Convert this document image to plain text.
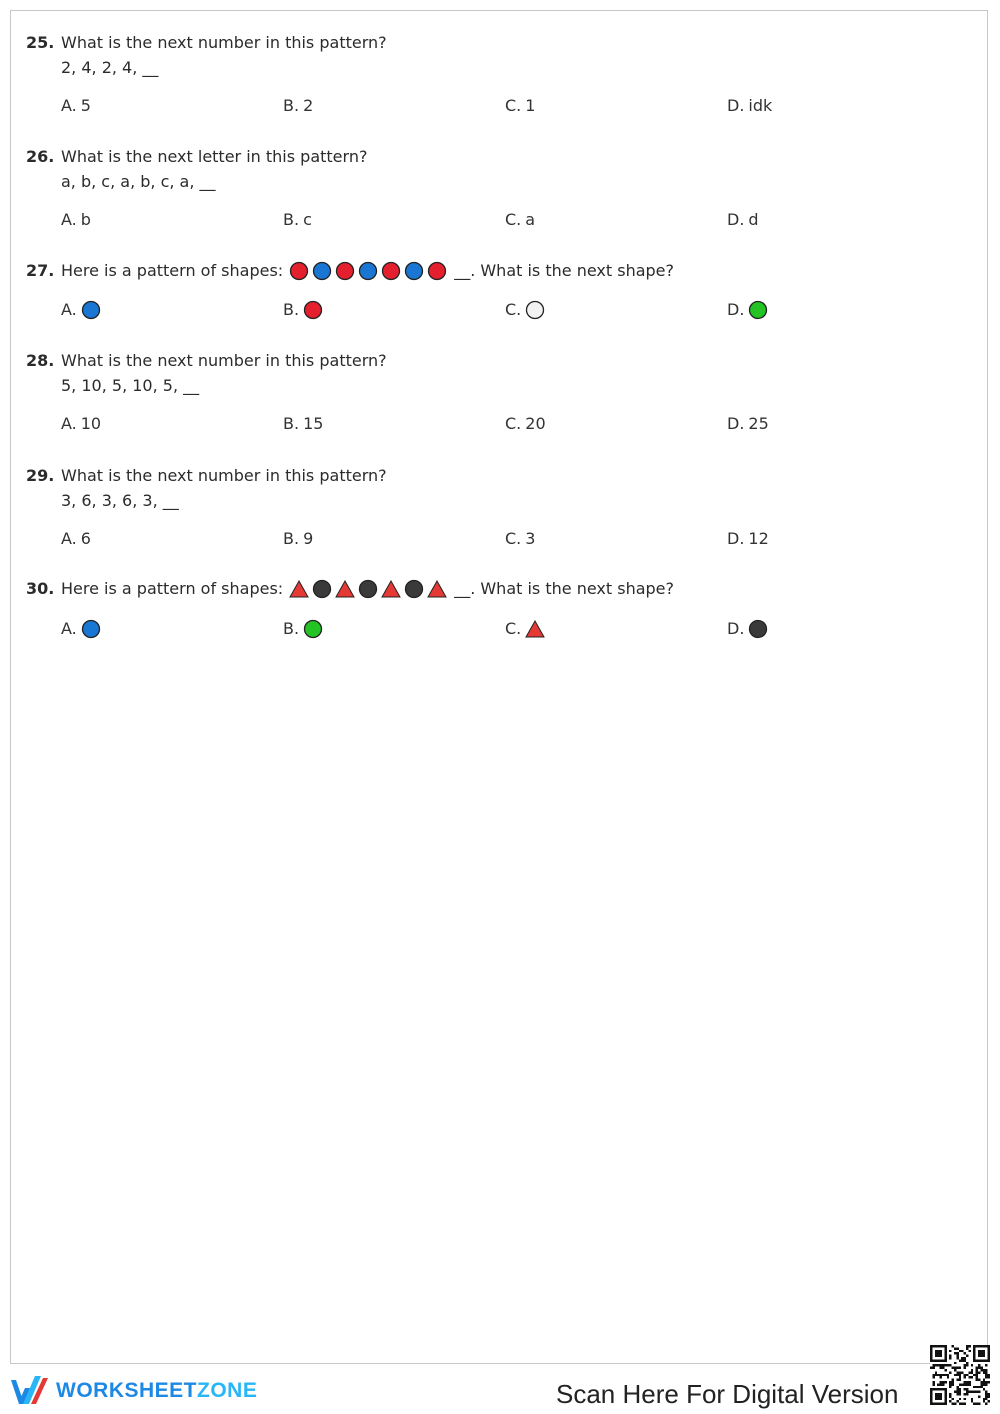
25. What is the next number in this pattern?
2, 4, 2, 4, __
A. 5	B. 2	C. 1	D. idk
26. What is the next letter in this pattern?
a, b, c, a, b, c, a, __
A. b	B. c	C. a	D. d
27. Here is a pattern of shapes:	__. What is the next shape?
A.	B.	C.	D.
28. What is the next number in this pattern?
5, 10, 5, 10, 5, __
A. 10	B. 15	C. 20	D. 25
29. What is the next number in this pattern?
3, 6, 3, 6, 3, __
A. 6	B. 9	C. 3	D. 12
30. Here is a pattern of shapes:	__. What is the next shape?
A.	B.	C.	D.
WORKSHEETZONE	Scan Here For Digital Version
